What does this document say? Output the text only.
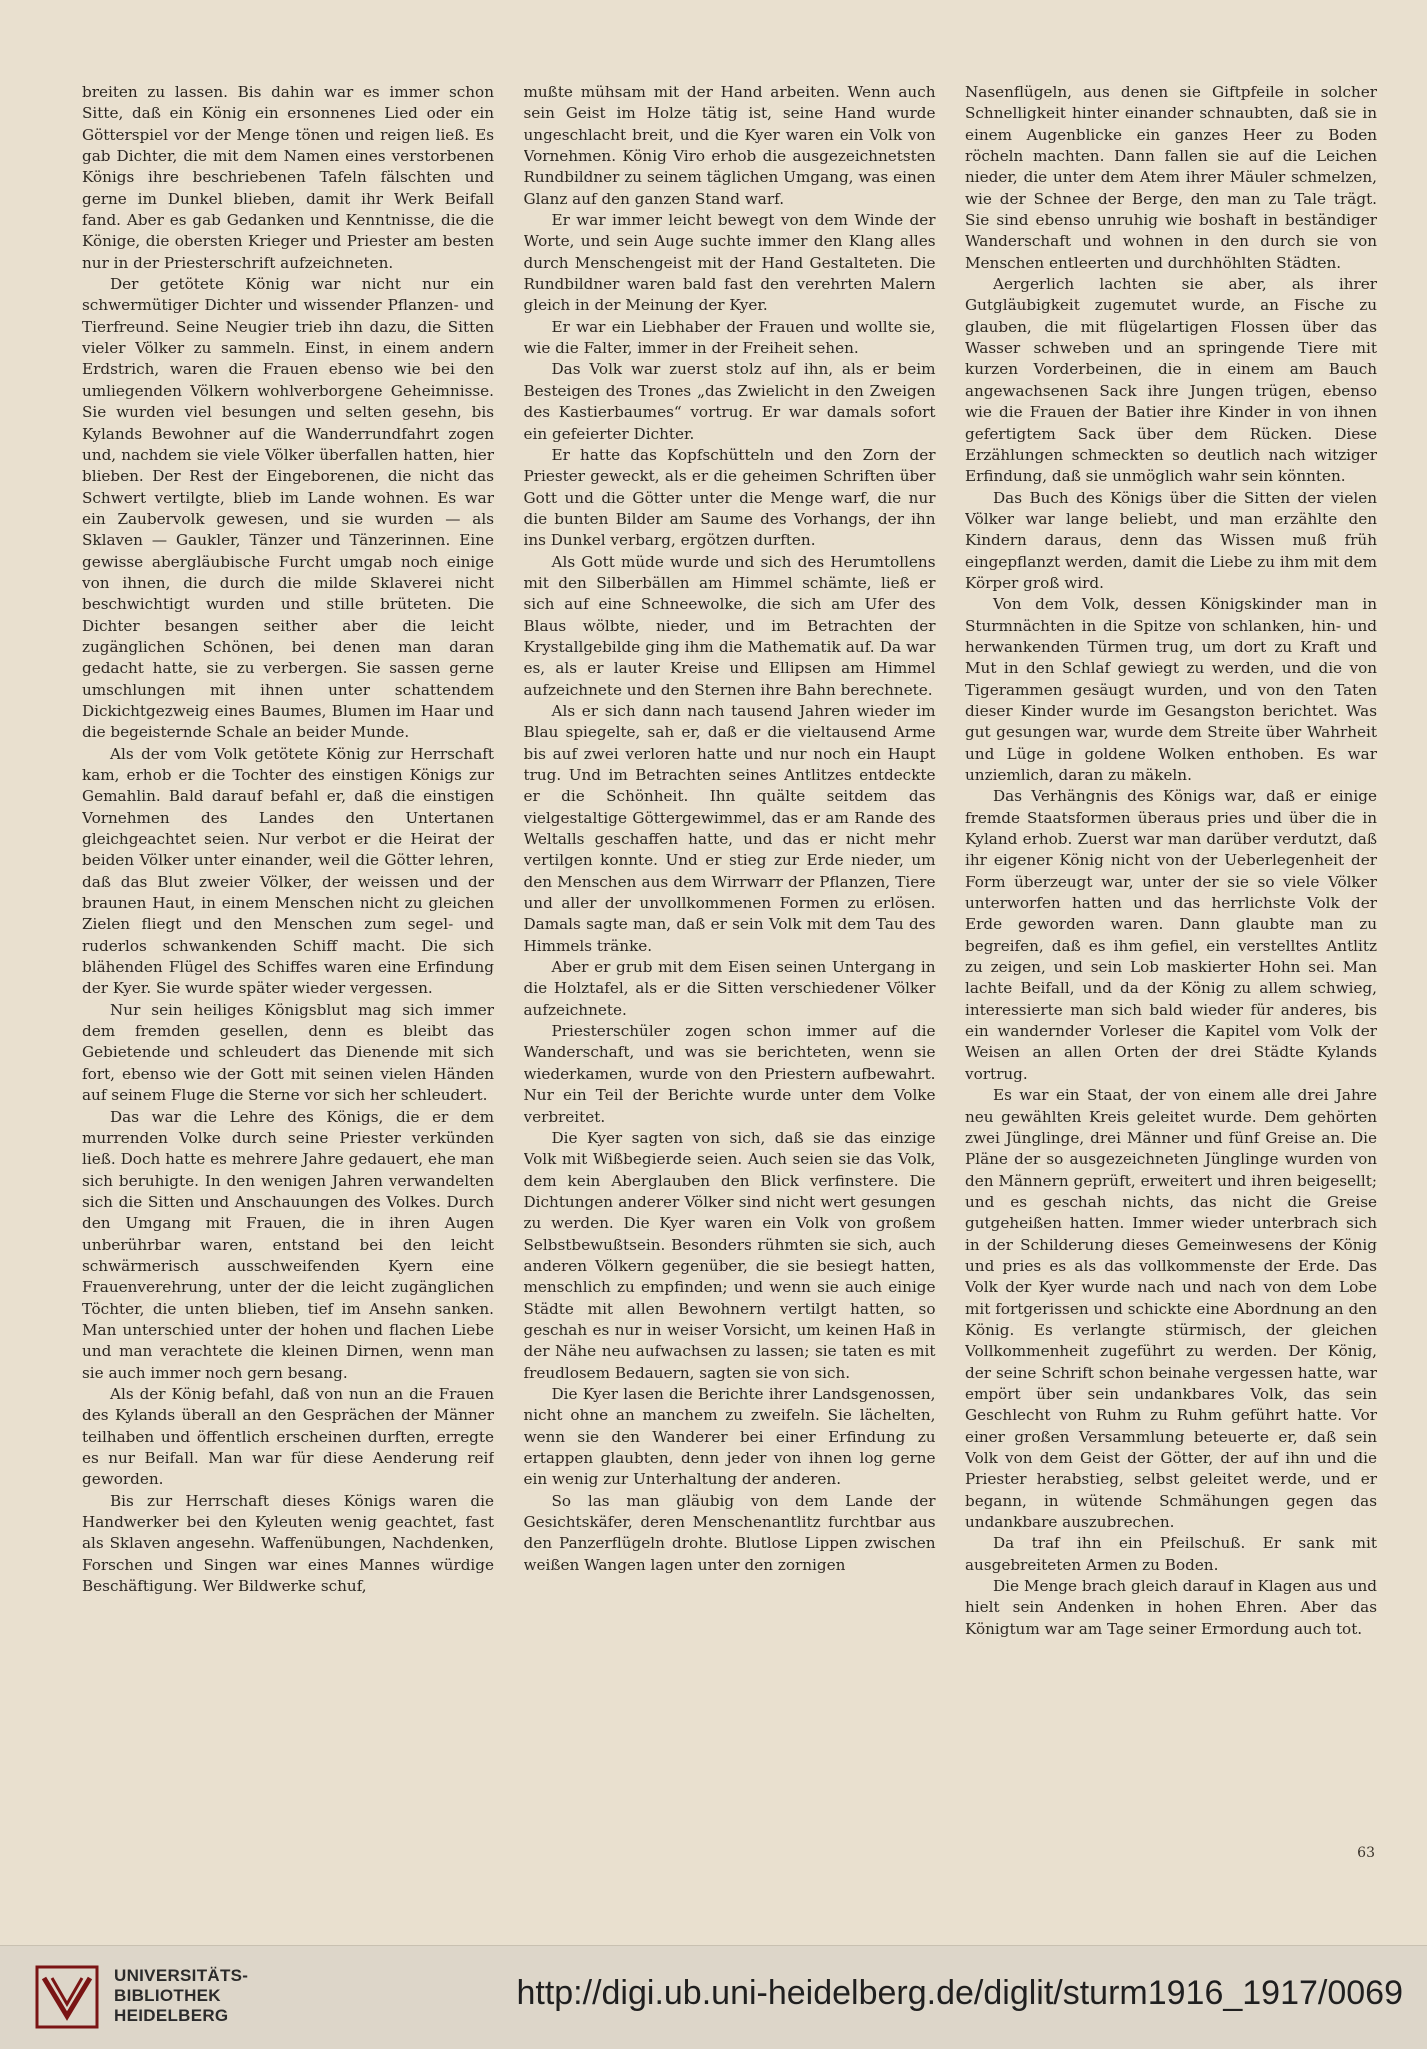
breiten zu lassen. Bis dahin war es immer schon Sitte, daß ein König ein ersonnenes Lied oder ein Götterspiel vor der Menge tönen und reigen ließ. Es gab Dichter, die mit dem Namen eines verstorbenen Königs ihre beschriebenen Tafeln fälschten und gerne im Dunkel blieben, damit ihr Werk Beifall fand. Aber es gab Gedanken und Kenntnisse, die die Könige, die obersten Krieger und Priester am besten nur in der Priesterschrift aufzeichneten.

Der getötete König war nicht nur ein schwermütiger Dichter und wissender Pflanzen- und Tierfreund. Seine Neugier trieb ihn dazu, die Sitten vieler Völker zu sammeln. Einst, in einem andern Erdstrich, waren die Frauen ebenso wie bei den umliegenden Völkern wohlverborgene Geheimnisse. Sie wurden viel besungen und selten gesehn, bis Kylands Bewohner auf die Wanderrundfahrt zogen und, nachdem sie viele Völker überfallen hatten, hier blieben. Der Rest der Eingeborenen, die nicht das Schwert vertilgte, blieb im Lande wohnen. Es war ein Zaubervolk gewesen, und sie wurden — als Sklaven — Gaukler, Tänzer und Tänzerinnen. Eine gewisse abergläubische Furcht umgab noch einige von ihnen, die durch die milde Sklaverei nicht beschwichtigt wurden und stille brüteten. Die Dichter besangen seither aber die leicht zugänglichen Schönen, bei denen man daran gedacht hatte, sie zu verbergen. Sie sassen gerne umschlungen mit ihnen unter schattendem Dickichtgezweig eines Baumes, Blumen im Haar und die begeisternde Schale an beider Munde.

Als der vom Volk getötete König zur Herrschaft kam, erhob er die Tochter des einstigen Königs zur Gemahlin. Bald darauf befahl er, daß die einstigen Vornehmen des Landes den Untertanen gleichgeachtet seien. Nur verbot er die Heirat der beiden Völker unter einander, weil die Götter lehren, daß das Blut zweier Völker, der weissen und der braunen Haut, in einem Menschen nicht zu gleichen Zielen fliegt und den Menschen zum segel- und ruderlos schwankenden Schiff macht. Die sich blähenden Flügel des Schiffes waren eine Erfindung der Kyer. Sie wurde später wieder vergessen.

Nur sein heiliges Königsblut mag sich immer dem fremden gesellen, denn es bleibt das Gebietende und schleudert das Dienende mit sich fort, ebenso wie der Gott mit seinen vielen Händen auf seinem Fluge die Sterne vor sich her schleudert.

Das war die Lehre des Königs, die er dem murrenden Volke durch seine Priester verkünden ließ. Doch hatte es mehrere Jahre gedauert, ehe man sich beruhigte. In den wenigen Jahren verwandelten sich die Sitten und Anschauungen des Volkes. Durch den Umgang mit Frauen, die in ihren Augen unberührbar waren, entstand bei den leicht schwärmerisch ausschweifenden Kyern eine Frauenverehrung, unter der die leicht zugänglichen Töchter, die unten blieben, tief im Ansehn sanken. Man unterschied unter der hohen und flachen Liebe und man verachtete die kleinen Dirnen, wenn man sie auch immer noch gern besang.

Als der König befahl, daß von nun an die Frauen des Kylands überall an den Gesprächen der Männer teilhaben und öffentlich erscheinen durften, erregte es nur Beifall. Man war für diese Aenderung reif geworden.

Bis zur Herrschaft dieses Königs waren die Handwerker bei den Kyleuten wenig geachtet, fast als Sklaven angesehn. Waffenübungen, Nachdenken, Forschen und Singen war eines Mannes würdige Beschäftigung. Wer Bildwerke schuf,

mußte mühsam mit der Hand arbeiten. Wenn auch sein Geist im Holze tätig ist, seine Hand wurde ungeschlacht breit, und die Kyer waren ein Volk von Vornehmen. König Viro erhob die ausgezeichnetsten Rundbildner zu seinem täglichen Umgang, was einen Glanz auf den ganzen Stand warf.

Er war immer leicht bewegt von dem Winde der Worte, und sein Auge suchte immer den Klang alles durch Menschengeist mit der Hand Gestalteten. Die Rundbildner waren bald fast den verehrten Malern gleich in der Meinung der Kyer.

Er war ein Liebhaber der Frauen und wollte sie, wie die Falter, immer in der Freiheit sehen.

Das Volk war zuerst stolz auf ihn, als er beim Besteigen des Trones „das Zwielicht in den Zweigen des Kastierbaumes“ vortrug. Er war damals sofort ein gefeierter Dichter.

Er hatte das Kopfschütteln und den Zorn der Priester geweckt, als er die geheimen Schriften über Gott und die Götter unter die Menge warf, die nur die bunten Bilder am Saume des Vorhangs, der ihn ins Dunkel verbarg, ergötzen durften.

Als Gott müde wurde und sich des Herumtollens mit den Silberbällen am Himmel schämte, ließ er sich auf eine Schneewolke, die sich am Ufer des Blaus wölbte, nieder, und im Betrachten der Krystallgebilde ging ihm die Mathematik auf. Da war es, als er lauter Kreise und Ellipsen am Himmel aufzeichnete und den Sternen ihre Bahn berechnete.

Als er sich dann nach tausend Jahren wieder im Blau spiegelte, sah er, daß er die vieltausend Arme bis auf zwei verloren hatte und nur noch ein Haupt trug. Und im Betrachten seines Antlitzes entdeckte er die Schönheit. Ihn quälte seitdem das vielgestaltige Göttergewimmel, das er am Rande des Weltalls geschaffen hatte, und das er nicht mehr vertilgen konnte. Und er stieg zur Erde nieder, um den Menschen aus dem Wirrwarr der Pflanzen, Tiere und aller der unvollkommenen Formen zu erlösen. Damals sagte man, daß er sein Volk mit dem Tau des Himmels tränke.

Aber er grub mit dem Eisen seinen Untergang in die Holztafel, als er die Sitten verschiedener Völker aufzeichnete.

Priesterschüler zogen schon immer auf die Wanderschaft, und was sie berichteten, wenn sie wiederkamen, wurde von den Priestern aufbewahrt. Nur ein Teil der Berichte wurde unter dem Volke verbreitet.

Die Kyer sagten von sich, daß sie das einzige Volk mit Wißbegierde seien. Auch seien sie das Volk, dem kein Aberglauben den Blick verfinstere. Die Dichtungen anderer Völker sind nicht wert gesungen zu werden. Die Kyer waren ein Volk von großem Selbstbewußtsein. Besonders rühmten sie sich, auch anderen Völkern gegenüber, die sie besiegt hatten, menschlich zu empfinden; und wenn sie auch einige Städte mit allen Bewohnern vertilgt hatten, so geschah es nur in weiser Vorsicht, um keinen Haß in der Nähe neu aufwachsen zu lassen; sie taten es mit freudlosem Bedauern, sagten sie von sich.

Die Kyer lasen die Berichte ihrer Landsgenossen, nicht ohne an manchem zu zweifeln. Sie lächelten, wenn sie den Wanderer bei einer Erfindung zu ertappen glaubten, denn jeder von ihnen log gerne ein wenig zur Unterhaltung der anderen.

So las man gläubig von dem Lande der Gesichtskäfer, deren Menschenantlitz furchtbar aus den Panzerflügeln drohte. Blutlose Lippen zwischen weißen Wangen lagen unter den zornigen

Nasenflügeln, aus denen sie Giftpfeile in solcher Schnelligkeit hinter einander schnaubten, daß sie in einem Augenblicke ein ganzes Heer zu Boden röcheln machten. Dann fallen sie auf die Leichen nieder, die unter dem Atem ihrer Mäuler schmelzen, wie der Schnee der Berge, den man zu Tale trägt. Sie sind ebenso unruhig wie boshaft in beständiger Wanderschaft und wohnen in den durch sie von Menschen entleerten und durchhöhlten Städten.

Aergerlich lachten sie aber, als ihrer Gutgläubigkeit zugemutet wurde, an Fische zu glauben, die mit flügelartigen Flossen über das Wasser schweben und an springende Tiere mit kurzen Vorderbeinen, die in einem am Bauch angewachsenen Sack ihre Jungen trügen, ebenso wie die Frauen der Batier ihre Kinder in von ihnen gefertigtem Sack über dem Rücken. Diese Erzählungen schmeckten so deutlich nach witziger Erfindung, daß sie unmöglich wahr sein könnten.

Das Buch des Königs über die Sitten der vielen Völker war lange beliebt, und man erzählte den Kindern daraus, denn das Wissen muß früh eingepflanzt werden, damit die Liebe zu ihm mit dem Körper groß wird.

Von dem Volk, dessen Königskinder man in Sturmnächten in die Spitze von schlanken, hin- und herwankenden Türmen trug, um dort zu Kraft und Mut in den Schlaf gewiegt zu werden, und die von Tigerammen gesäugt wurden, und von den Taten dieser Kinder wurde im Gesangston berichtet. Was gut gesungen war, wurde dem Streite über Wahrheit und Lüge in goldene Wolken enthoben. Es war unziemlich, daran zu mäkeln.

Das Verhängnis des Königs war, daß er einige fremde Staatsformen überaus pries und über die in Kyland erhob. Zuerst war man darüber verdutzt, daß ihr eigener König nicht von der Ueberlegenheit der Form überzeugt war, unter der sie so viele Völker unterworfen hatten und das herrlichste Volk der Erde geworden waren. Dann glaubte man zu begreifen, daß es ihm gefiel, ein verstelltes Antlitz zu zeigen, und sein Lob maskierter Hohn sei. Man lachte Beifall, und da der König zu allem schwieg, interessierte man sich bald wieder für anderes, bis ein wandernder Vorleser die Kapitel vom Volk der Weisen an allen Orten der drei Städte Kylands vortrug.

Es war ein Staat, der von einem alle drei Jahre neu gewählten Kreis geleitet wurde. Dem gehörten zwei Jünglinge, drei Männer und fünf Greise an. Die Pläne der so ausgezeichneten Jünglinge wurden von den Männern geprüft, erweitert und ihren beigesellt; und es geschah nichts, das nicht die Greise gutgeheißen hatten. Immer wieder unterbrach sich in der Schilderung dieses Gemeinwesens der König und pries es als das vollkommenste der Erde. Das Volk der Kyer wurde nach und nach von dem Lobe mit fortgerissen und schickte eine Abordnung an den König. Es verlangte stürmisch, der gleichen Vollkommenheit zugeführt zu werden. Der König, der seine Schrift schon beinahe vergessen hatte, war empört über sein undankbares Volk, das sein Geschlecht von Ruhm zu Ruhm geführt hatte. Vor einer großen Versammlung beteuerte er, daß sein Volk von dem Geist der Götter, der auf ihn und die Priester herabstieg, selbst geleitet werde, und er begann, in wütende Schmähungen gegen das undankbare auszubrechen.

Da traf ihn ein Pfeilschuß. Er sank mit ausgebreiteten Armen zu Boden.

Die Menge brach gleich darauf in Klagen aus und hielt sein Andenken in hohen Ehren. Aber das Königtum war am Tage seiner Ermordung auch tot.

63
UNIVERSITÄTS-
BIBLIOTHEK
HEIDELBERG
http://digi.ub.uni-heidelberg.de/diglit/sturm1916_1917/0069
